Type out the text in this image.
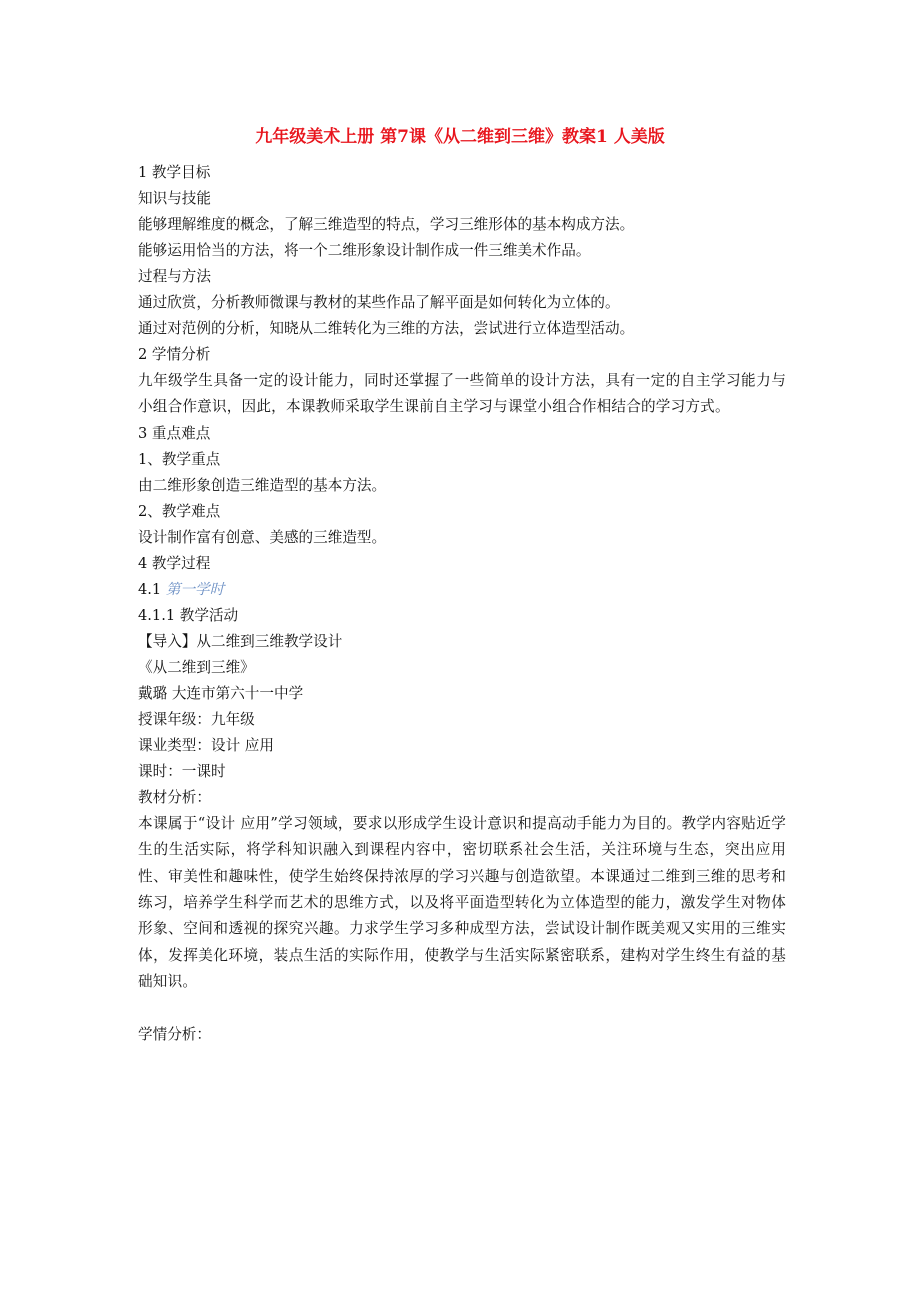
九年级美术上册 第7课《从二维到三维》教案1 人美版

1 教学目标

知识与技能

能够理解维度的概念，了解三维造型的特点，学习三维形体的基本构成方法。

能够运用恰当的方法，将一个二维形象设计制作成一件三维美术作品。

过程与方法

通过欣赏，分析教师微课与教材的某些作品了解平面是如何转化为立体的。

通过对范例的分析，知晓从二维转化为三维的方法，尝试进行立体造型活动。

2 学情分析

九年级学生具备一定的设计能力，同时还掌握了一些简单的设计方法，具有一定的自主学习能力与小组合作意识，因此，本课教师采取学生课前自主学习与课堂小组合作相结合的学习方式。

3 重点难点

1、教学重点

由二维形象创造三维造型的基本方法。

2、教学难点

设计制作富有创意、美感的三维造型。

4 教学过程

4.1 第一学时

4.1.1 教学活动

【导入】从二维到三维教学设计

《从二维到三维》

戴璐 大连市第六十一中学

授课年级：九年级

课业类型：设计 应用

课时：一课时

教材分析：

本课属于“设计 应用”学习领域，要求以形成学生设计意识和提高动手能力为目的。教学内容贴近学生的生活实际，将学科知识融入到课程内容中，密切联系社会生活，关注环境与生态，突出应用性、审美性和趣味性，使学生始终保持浓厚的学习兴趣与创造欲望。本课通过二维到三维的思考和练习，培养学生科学而艺术的思维方式，以及将平面造型转化为立体造型的能力，激发学生对物体形象、空间和透视的探究兴趣。力求学生学习多种成型方法，尝试设计制作既美观又实用的三维实体，发挥美化环境，装点生活的实际作用，使教学与生活实际紧密联系，建构对学生终生有益的基础知识。

学情分析：
